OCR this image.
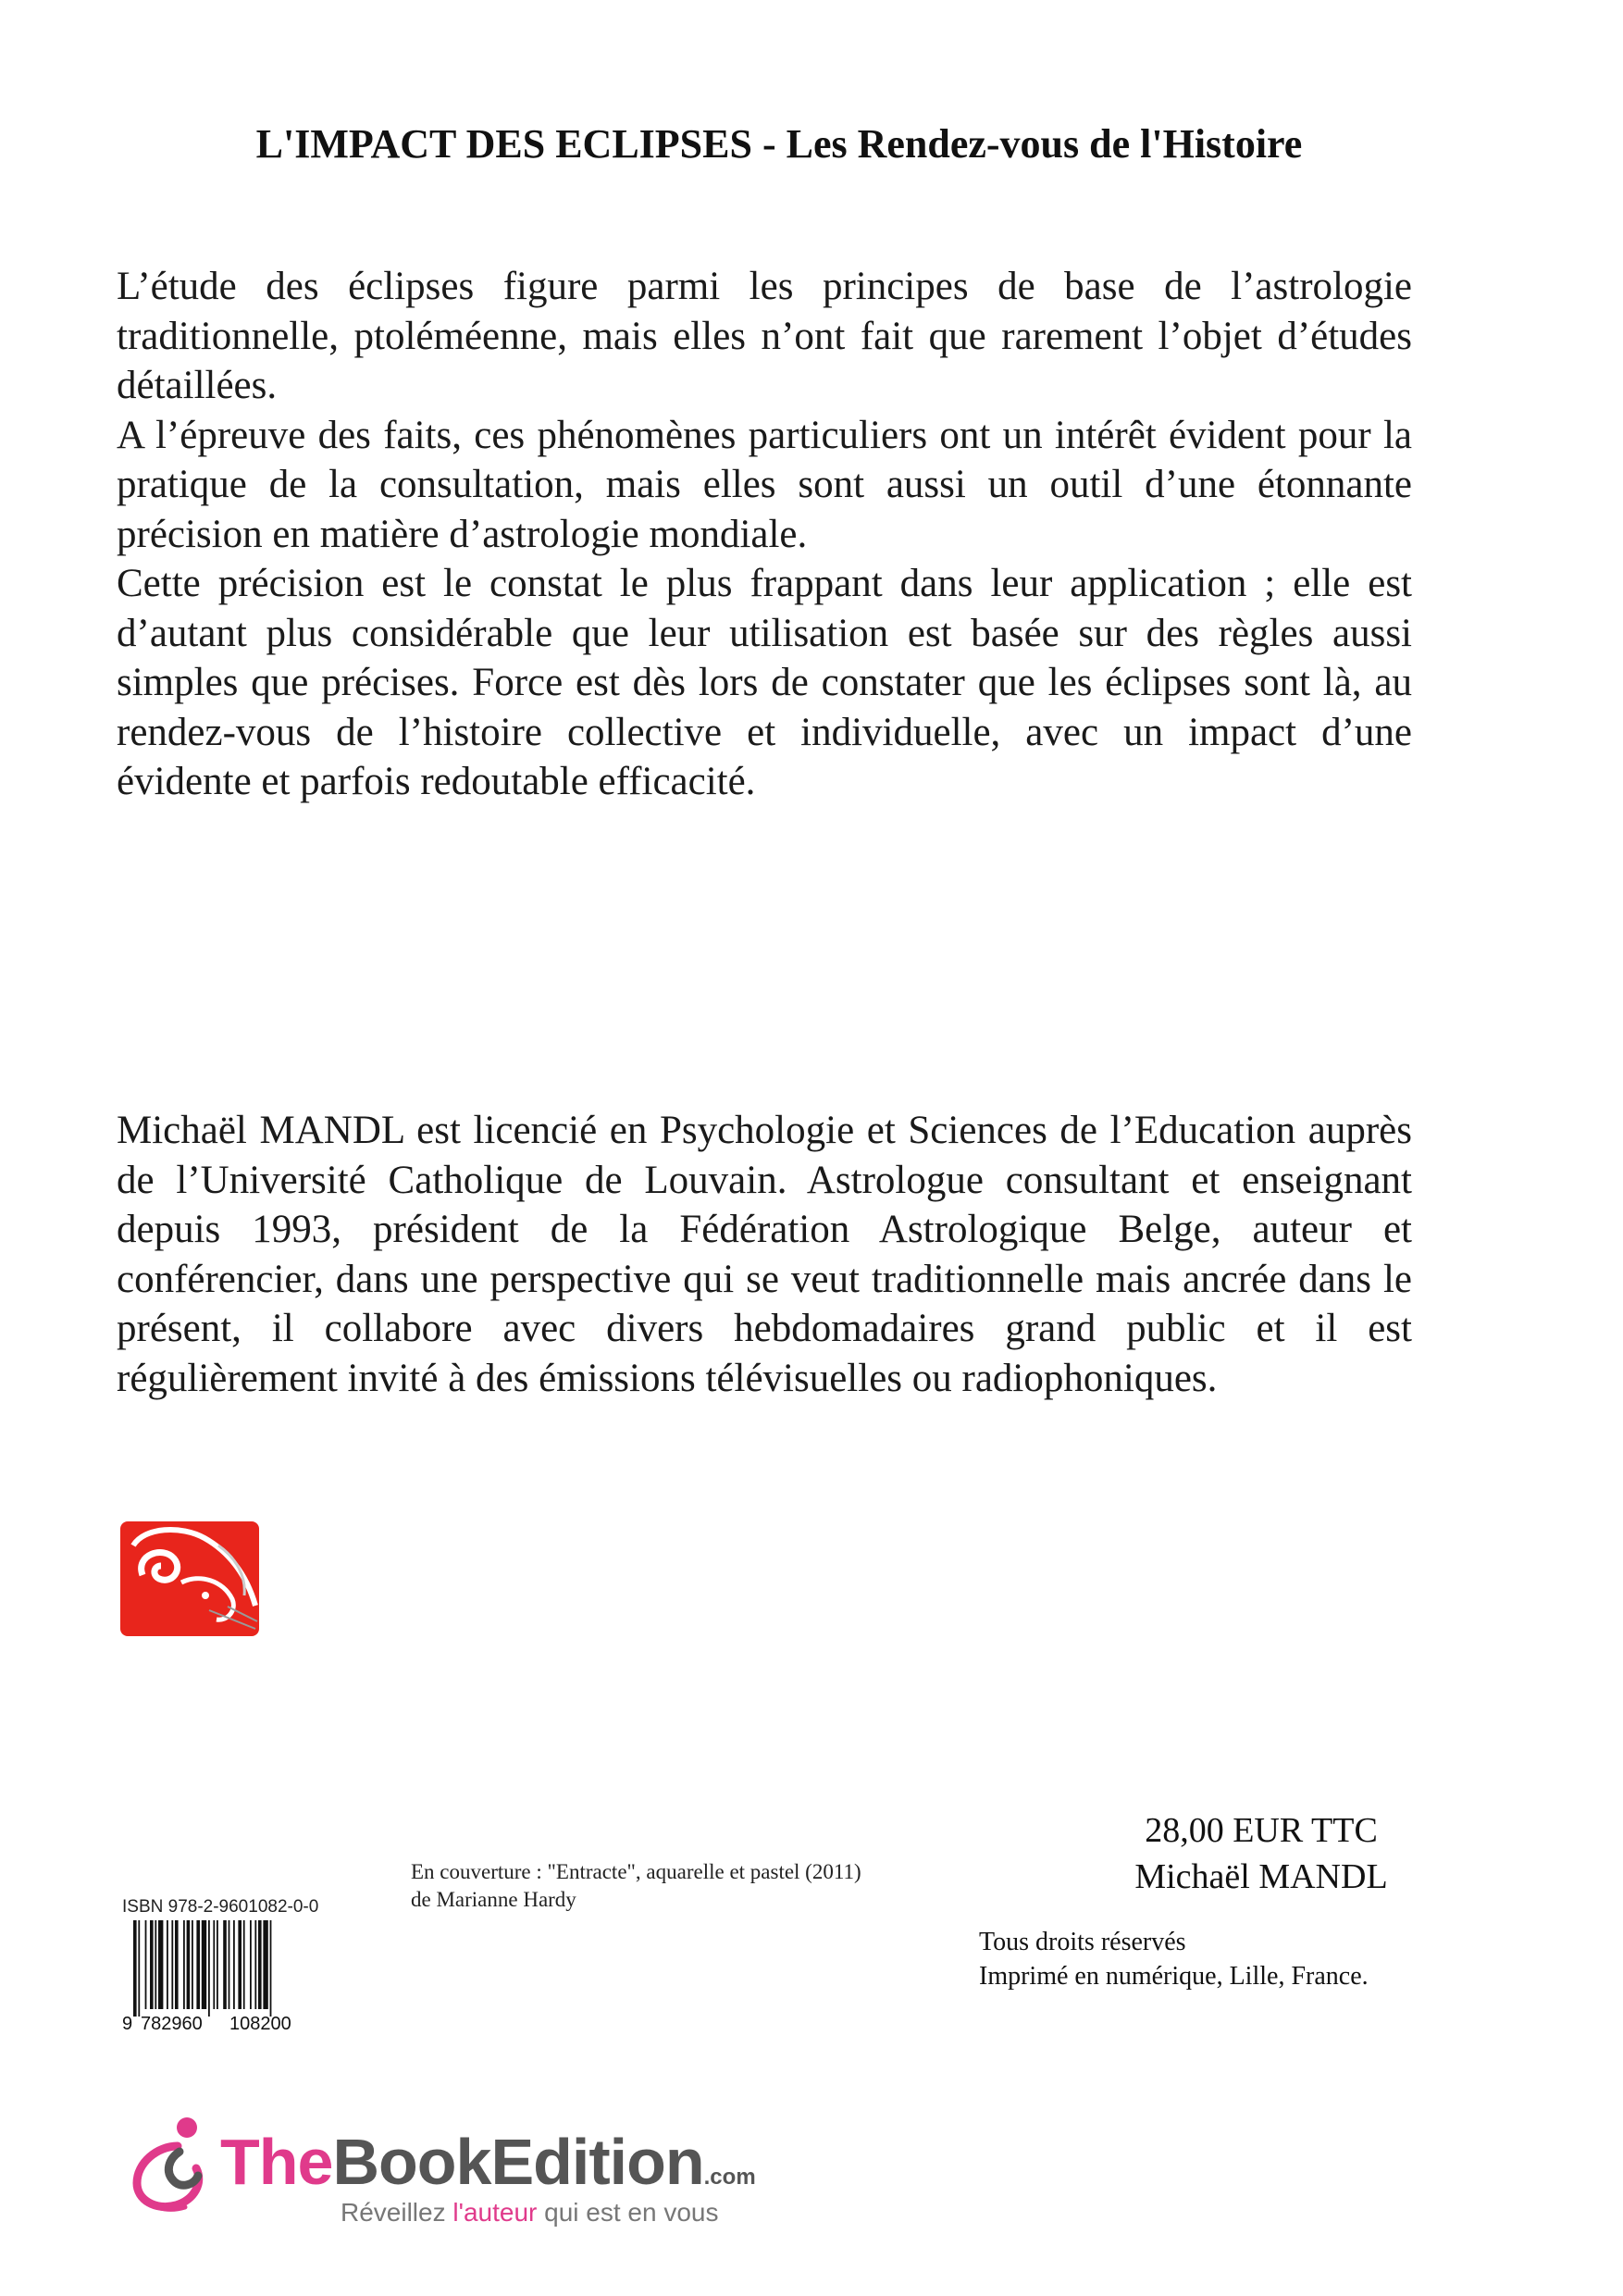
L'IMPACT DES ECLIPSES - Les Rendez-vous de l'Histoire

L’étude des éclipses figure parmi les principes de base de l’astrologie traditionnelle, ptoléméenne, mais elles n’ont fait que rarement l’objet d’études détaillées.

A l’épreuve des faits, ces phénomènes particuliers ont un intérêt évident pour la pratique de la consultation, mais elles sont aussi un outil d’une étonnante précision en matière d’astrologie mondiale.

Cette précision est le constat le plus frappant dans leur application ; elle est d’autant plus considérable que leur utilisation est basée sur des règles aussi simples que précises. Force est dès lors de constater que les éclipses sont là, au rendez-vous de l’histoire collective et individuelle, avec un impact d’une évidente et parfois redoutable efficacité.

Michaël MANDL est licencié en Psychologie et Sciences de l’Education auprès de l’Université Catholique de Louvain. Astrologue consultant et enseignant depuis 1993, président de la Fédération Astrologique Belge, auteur et conférencier, dans une perspective qui se veut traditionnelle mais ancrée dans le présent, il collabore avec divers hebdomadaires grand public et il est régulièrement invité à des émissions télévisuelles ou radiophoniques.

En couverture : "Entracte", aquarelle et pastel (2011)
de Marianne Hardy
ISBN 978-2-9601082-0-0
9 782960 108200
28,00 EUR TTC
Michaël MANDL
Tous droits réservés
Imprimé en numérique, Lille, France.
TheBookEdition.com
Réveillez l'auteur qui est en vous
